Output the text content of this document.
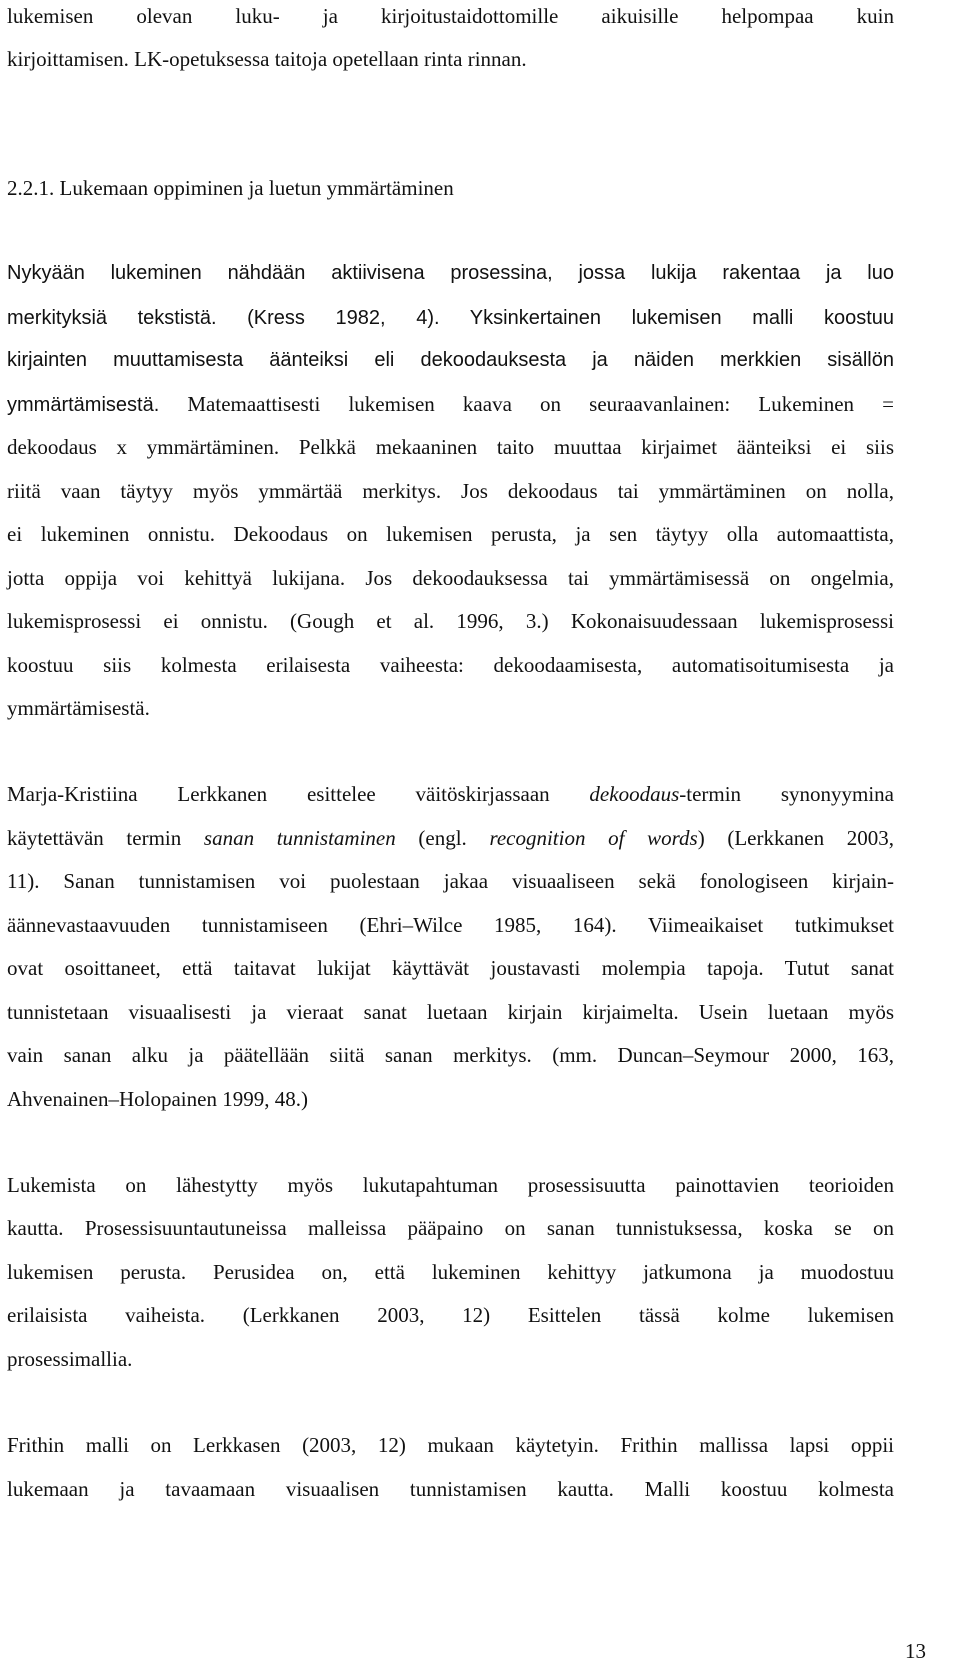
lukemisen olevan luku- ja kirjoitustaidottomille aikuisille helpompaa kuin
kirjoittamisen. LK-opetuksessa taitoja opetellaan rinta rinnan.
2.2.1. Lukemaan oppiminen ja luetun ymmärtäminen
Nykyään lukeminen nähdään aktiivisena prosessina, jossa lukija rakentaa ja luo
merkityksiä tekstistä. (Kress 1982, 4). Yksinkertainen lukemisen malli koostuu
kirjainten muuttamisesta äänteiksi eli dekoodauksesta ja näiden merkkien sisällön
ymmärtämisestä. Matemaattisesti lukemisen kaava on seuraavanlainen: Lukeminen =
dekoodaus x ymmärtäminen. Pelkkä mekaaninen taito muuttaa kirjaimet äänteiksi ei siis
riitä vaan täytyy myös ymmärtää merkitys. Jos dekoodaus tai ymmärtäminen on nolla,
ei lukeminen onnistu. Dekoodaus on lukemisen perusta, ja sen täytyy olla automaattista,
jotta oppija voi kehittyä lukijana. Jos dekoodauksessa tai ymmärtämisessä on ongelmia,
lukemisprosessi ei onnistu. (Gough et al. 1996, 3.) Kokonaisuudessaan lukemisprosessi
koostuu siis kolmesta erilaisesta vaiheesta: dekoodaamisesta, automatisoitumisesta ja
ymmärtämisestä.
Marja-Kristiina Lerkkanen esittelee väitöskirjassaan dekoodaus-termin synonyymina
käytettävän termin sanan tunnistaminen (engl. recognition of words) (Lerkkanen 2003,
11). Sanan tunnistamisen voi puolestaan jakaa visuaaliseen sekä fonologiseen kirjain-
äännevastaavuuden tunnistamiseen (Ehri–Wilce 1985, 164). Viimeaikaiset tutkimukset
ovat osoittaneet, että taitavat lukijat käyttävät joustavasti molempia tapoja. Tutut sanat
tunnistetaan visuaalisesti ja vieraat sanat luetaan kirjain kirjaimelta. Usein luetaan myös
vain sanan alku ja päätellään siitä sanan merkitys. (mm. Duncan–Seymour 2000, 163,
Ahvenainen–Holopainen 1999, 48.)
Lukemista on lähestytty myös lukutapahtuman prosessisuutta painottavien teorioiden
kautta. Prosessisuuntautuneissa malleissa pääpaino on sanan tunnistuksessa, koska se on
lukemisen perusta. Perusidea on, että lukeminen kehittyy jatkumona ja muodostuu
erilaisista vaiheista. (Lerkkanen 2003, 12) Esittelen tässä kolme lukemisen
prosessimallia.
Frithin malli on Lerkkasen (2003, 12) mukaan käytetyin. Frithin mallissa lapsi oppii
lukemaan ja tavaamaan visuaalisen tunnistamisen kautta. Malli koostuu kolmesta
13
